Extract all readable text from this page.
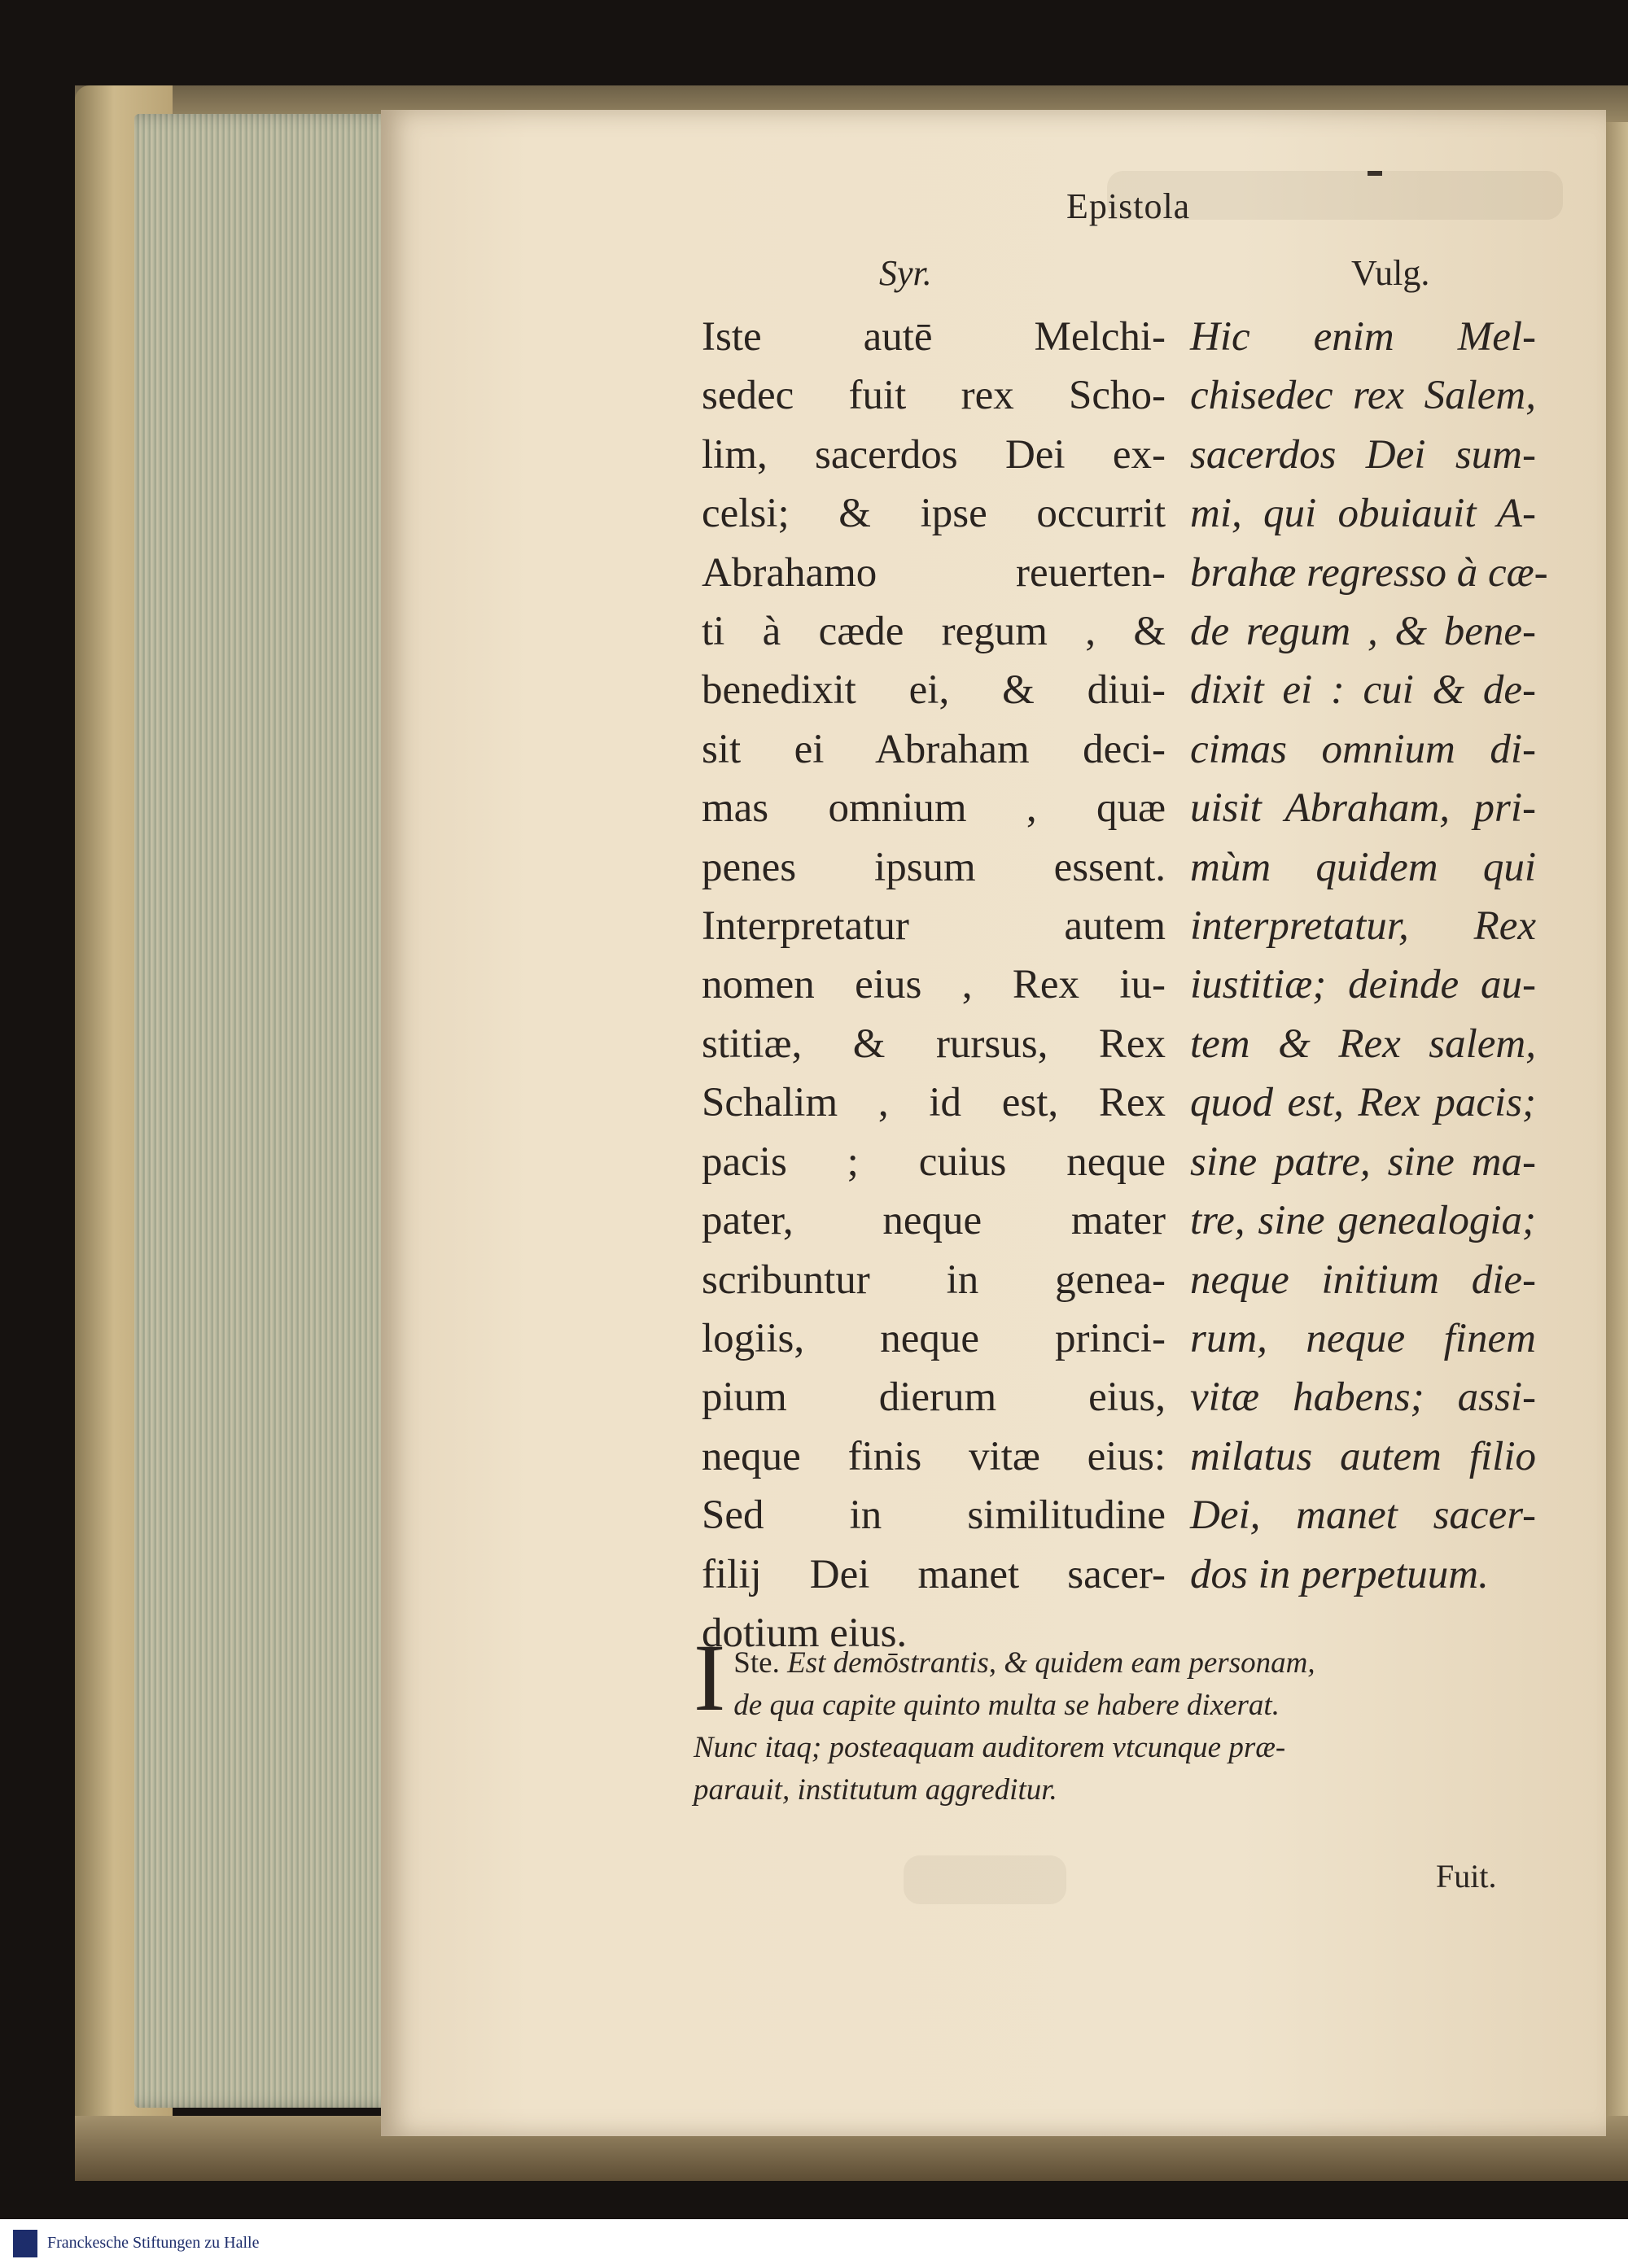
Epistola
Syr.	Vulg.
Iste autē Melchi-
sedec fuit rex Scho-
lim, sacerdos Dei ex-
celsi; & ipse occurrit
Abrahamo reuerten-
ti à cæde regum , &
benedixit ei, & diui-
sit ei Abraham deci-
mas omnium , quæ
penes ipsum essent.
Interpretatur autem
nomen eius , Rex iu-
stitiæ, & rursus, Rex
Schalim , id est, Rex
pacis ; cuius neque
pater, neque mater
scribuntur in genea-
logiis, neque princi-
pium dierum eius,
neque finis vitæ eius:
Sed in similitudine
filij Dei manet sacer-
dotium eius.
Hic enim Mel-
chisedec rex Salem,
sacerdos Dei sum-
mi, qui obuiauit A-
brahæ regresso à cæ-
de regum , & bene-
dixit ei : cui & de-
cimas omnium di-
uisit Abraham, pri-
mùm quidem qui
interpretatur, Rex
iustitiæ; deinde au-
tem & Rex salem,
quod est, Rex pacis;
sine patre, sine ma-
tre, sine genealogia;
neque initium die-
rum, neque finem
vitæ habens; assi-
milatus autem filio
Dei, manet sacer-
dos in perpetuum.
I Ste. Est demōstrantis, & quidem eam personam,
de qua capite quinto multa se habere dixerat.
Nunc itaq; posteaquam auditorem vtcunque præ-
parauit, institutum aggreditur.
Fuit.
Franckesche Stiftungen zu Halle
